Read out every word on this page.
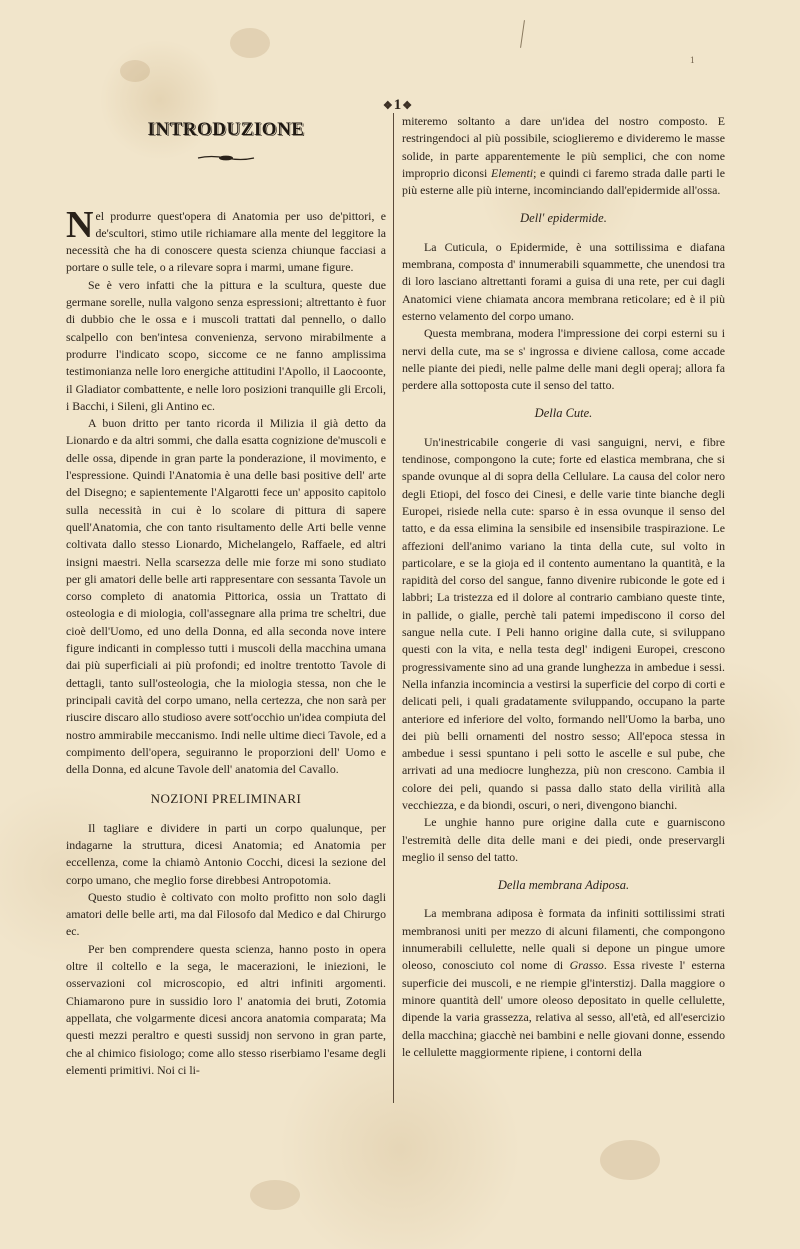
1
❖1❖
INTRODUZIONE

Nel produrre quest'opera di Anatomia per uso de'pittori, e de'scultori, stimo utile richiamare alla mente del leggitore la necessità che ha di conoscere questa scienza chiunque facciasi a portare o sulle tele, o a rilevare sopra i marmi, umane figure.

Se è vero infatti che la pittura e la scultura, queste due germane sorelle, nulla valgono senza espressioni; altrettanto è fuor di dubbio che le ossa e i muscoli trattati dal pennello, o dallo scalpello con ben'intesa convenienza, servono mirabilmente a produrre l'indicato scopo, siccome ce ne fanno amplissima testimonianza nelle loro energiche attitudini l'Apollo, il Laocoonte, il Gladiator combattente, e nelle loro posizioni tranquille gli Ercoli, i Bacchi, i Sileni, gli Antino ec.

A buon dritto per tanto ricorda il Milizia il già detto da Lionardo e da altri sommi, che dalla esatta cognizione de'muscoli e delle ossa, dipende in gran parte la ponderazione, il movimento, e l'espressione. Quindi l'Anatomia è una delle basi positive dell' arte del Disegno; e sapientemente l'Algarotti fece un' apposito capitolo sulla necessità in cui è lo scolare di pittura di sapere quell'Anatomia, che con tanto risultamento delle Arti belle venne coltivata dallo stesso Lionardo, Michelangelo, Raffaele, ed altri insigni maestri. Nella scarsezza delle mie forze mi sono studiato per gli amatori delle belle arti rappresentare con sessanta Tavole un corso completo di anatomia Pittorica, ossia un Trattato di osteologia e di miologia, coll'assegnare alla prima tre scheltri, due cioè dell'Uomo, ed uno della Donna, ed alla seconda nove intere figure indicanti in complesso tutti i muscoli della macchina umana dai più superficiali ai più profondi; ed inoltre trentotto Tavole di dettagli, tanto sull'osteologia, che la miologia stessa, non che le principali cavità del corpo umano, nella certezza, che non sarà per riuscire discaro allo studioso avere sott'occhio un'idea compiuta del nostro ammirabile meccanismo. Indi nelle ultime dieci Tavole, ed a compimento dell'opera, seguiranno le proporzioni dell' Uomo e della Donna, ed alcune Tavole dell' anatomia del Cavallo.

NOZIONI PRELIMINARI

Il tagliare e dividere in parti un corpo qualunque, per indagarne la struttura, dicesi Anatomia; ed Anatomia per eccellenza, come la chiamò Antonio Cocchi, dicesi la sezione del corpo umano, che meglio forse direbbesi Antropotomia.

Questo studio è coltivato con molto profitto non solo dagli amatori delle belle arti, ma dal Filosofo dal Medico e dal Chirurgo ec.

Per ben comprendere questa scienza, hanno posto in opera oltre il coltello e la sega, le macerazioni, le iniezioni, le osservazioni col microscopio, ed altri infiniti argomenti. Chiamarono pure in sussidio loro l' anatomia dei bruti, Zotomia appellata, che volgarmente dicesi ancora anatomia comparata; Ma questi mezzi peraltro e questi sussidj non servono in gran parte, che al chimico fisiologo; come allo stesso riserbiamo l'esame degli elementi primitivi. Noi ci li-

miteremo soltanto a dare un'idea del nostro composto. E restringendoci al più possibile, scioglieremo e divideremo le masse solide, in parte apparentemente le più semplici, che con nome improprio diconsi Elementi; e quindi ci faremo strada dalle parti le più esterne alle più interne, incominciando dall'epidermide all'ossa.

Dell' epidermide.

La Cuticula, o Epidermide, è una sottilissima e diafana membrana, composta d' innumerabili squammette, che unendosi tra di loro lasciano altrettanti forami a guisa di una rete, per cui dagli Anatomici viene chiamata ancora membrana reticolare; ed è il più esterno velamento del corpo umano.

Questa membrana, modera l'impressione dei corpi esterni su i nervi della cute, ma se s' ingrossa e diviene callosa, come accade nelle piante dei piedi, nelle palme delle mani degli operaj; allora fa perdere alla sottoposta cute il senso del tatto.

Della Cute.

Un'inestricabile congerie di vasi sanguigni, nervi, e fibre tendinose, compongono la cute; forte ed elastica membrana, che si spande ovunque al di sopra della Cellulare. La causa del color nero degli Etiopi, del fosco dei Cinesi, e delle varie tinte bianche degli Europei, risiede nella cute: sparso è in essa ovunque il senso del tatto, e da essa elimina la sensibile ed insensibile traspirazione. Le affezioni dell'animo variano la tinta della cute, sul volto in particolare, e se la gioja ed il contento aumentano la quantità, e la rapidità del corso del sangue, fanno divenire rubiconde le gote ed i labbri; La tristezza ed il dolore al contrario cambiano queste tinte, in pallide, o gialle, perchè tali patemi impediscono il corso del sangue nella cute. I Peli hanno origine dalla cute, si sviluppano questi con la vita, e nella testa degl' indigeni Europei, crescono progressivamente sino ad una grande lunghezza in ambedue i sessi. Nella infanzia incomincia a vestirsi la superficie del corpo di corti e delicati peli, i quali gradatamente sviluppando, occupano la parte anteriore ed inferiore del volto, formando nell'Uomo la barba, uno dei più belli ornamenti del nostro sesso; All'epoca stessa in ambedue i sessi spuntano i peli sotto le ascelle e sul pube, che arrivati ad una mediocre lunghezza, più non crescono. Cambia il colore dei peli, quando si passa dallo stato della virilità alla vecchiezza, e da biondi, oscuri, o neri, divengono bianchi.

Le unghie hanno pure origine dalla cute e guarniscono l'estremità delle dita delle mani e dei piedi, onde preservargli meglio il senso del tatto.

Della membrana Adiposa.

La membrana adiposa è formata da infiniti sottilissimi strati membranosi uniti per mezzo di alcuni filamenti, che compongono innumerabili cellulette, nelle quali si depone un pingue umore oleoso, conosciuto col nome di Grasso. Essa riveste l' esterna superficie dei muscoli, e ne riempie gl'interstizj. Dalla maggiore o minore quantità dell' umore oleoso depositato in quelle cellulette, dipende la varia grassezza, relativa al sesso, all'età, ed all'esercizio della macchina; giacchè nei bambini e nelle giovani donne, essendo le cellulette maggiormente ripiene, i contorni della
